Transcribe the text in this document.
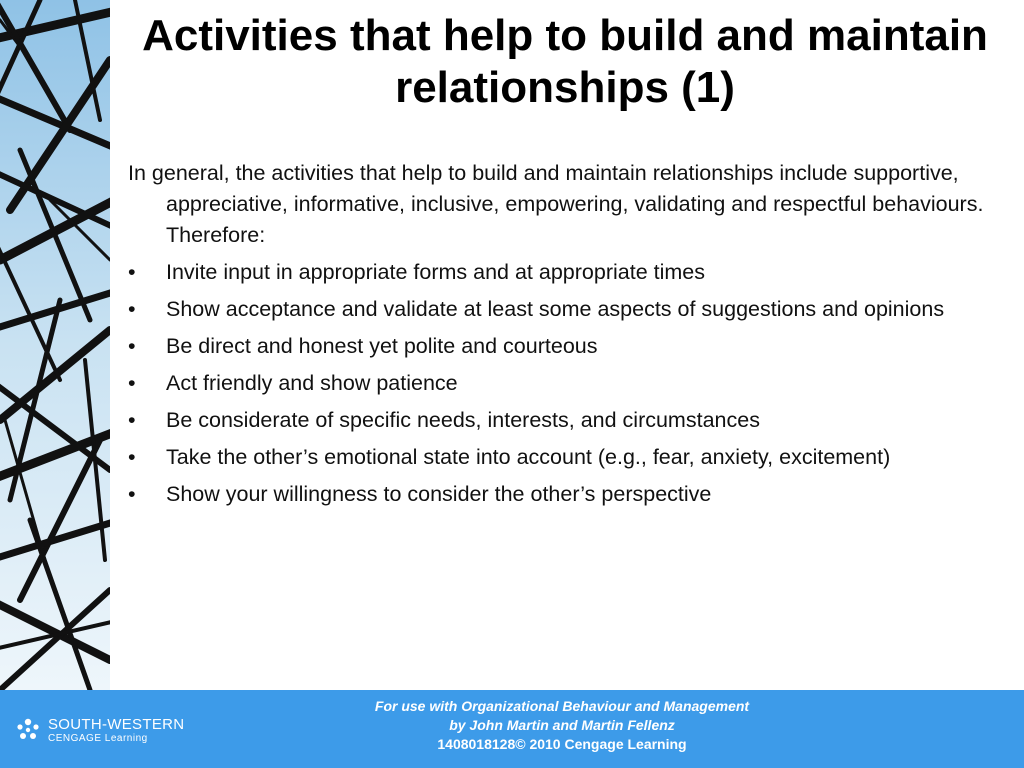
Activities that help to build and maintain relationships (1)

In general, the activities that help to build and maintain relationships include supportive, appreciative, informative, inclusive, empowering, validating and respectful behaviours. Therefore:

• Invite input in appropriate forms and at appropriate times
• Show acceptance and validate at least some aspects of suggestions and opinions
• Be direct and honest yet polite and courteous
• Act friendly and show patience
• Be considerate of specific needs, interests, and circumstances
• Take the other’s emotional state into account (e.g., fear, anxiety, excitement)
• Show your willingness to consider the other’s perspective
SOUTH-WESTERN
CENGAGE Learning
For use with Organizational Behaviour and Management
by John Martin and Martin Fellenz
1408018128© 2010 Cengage Learning
